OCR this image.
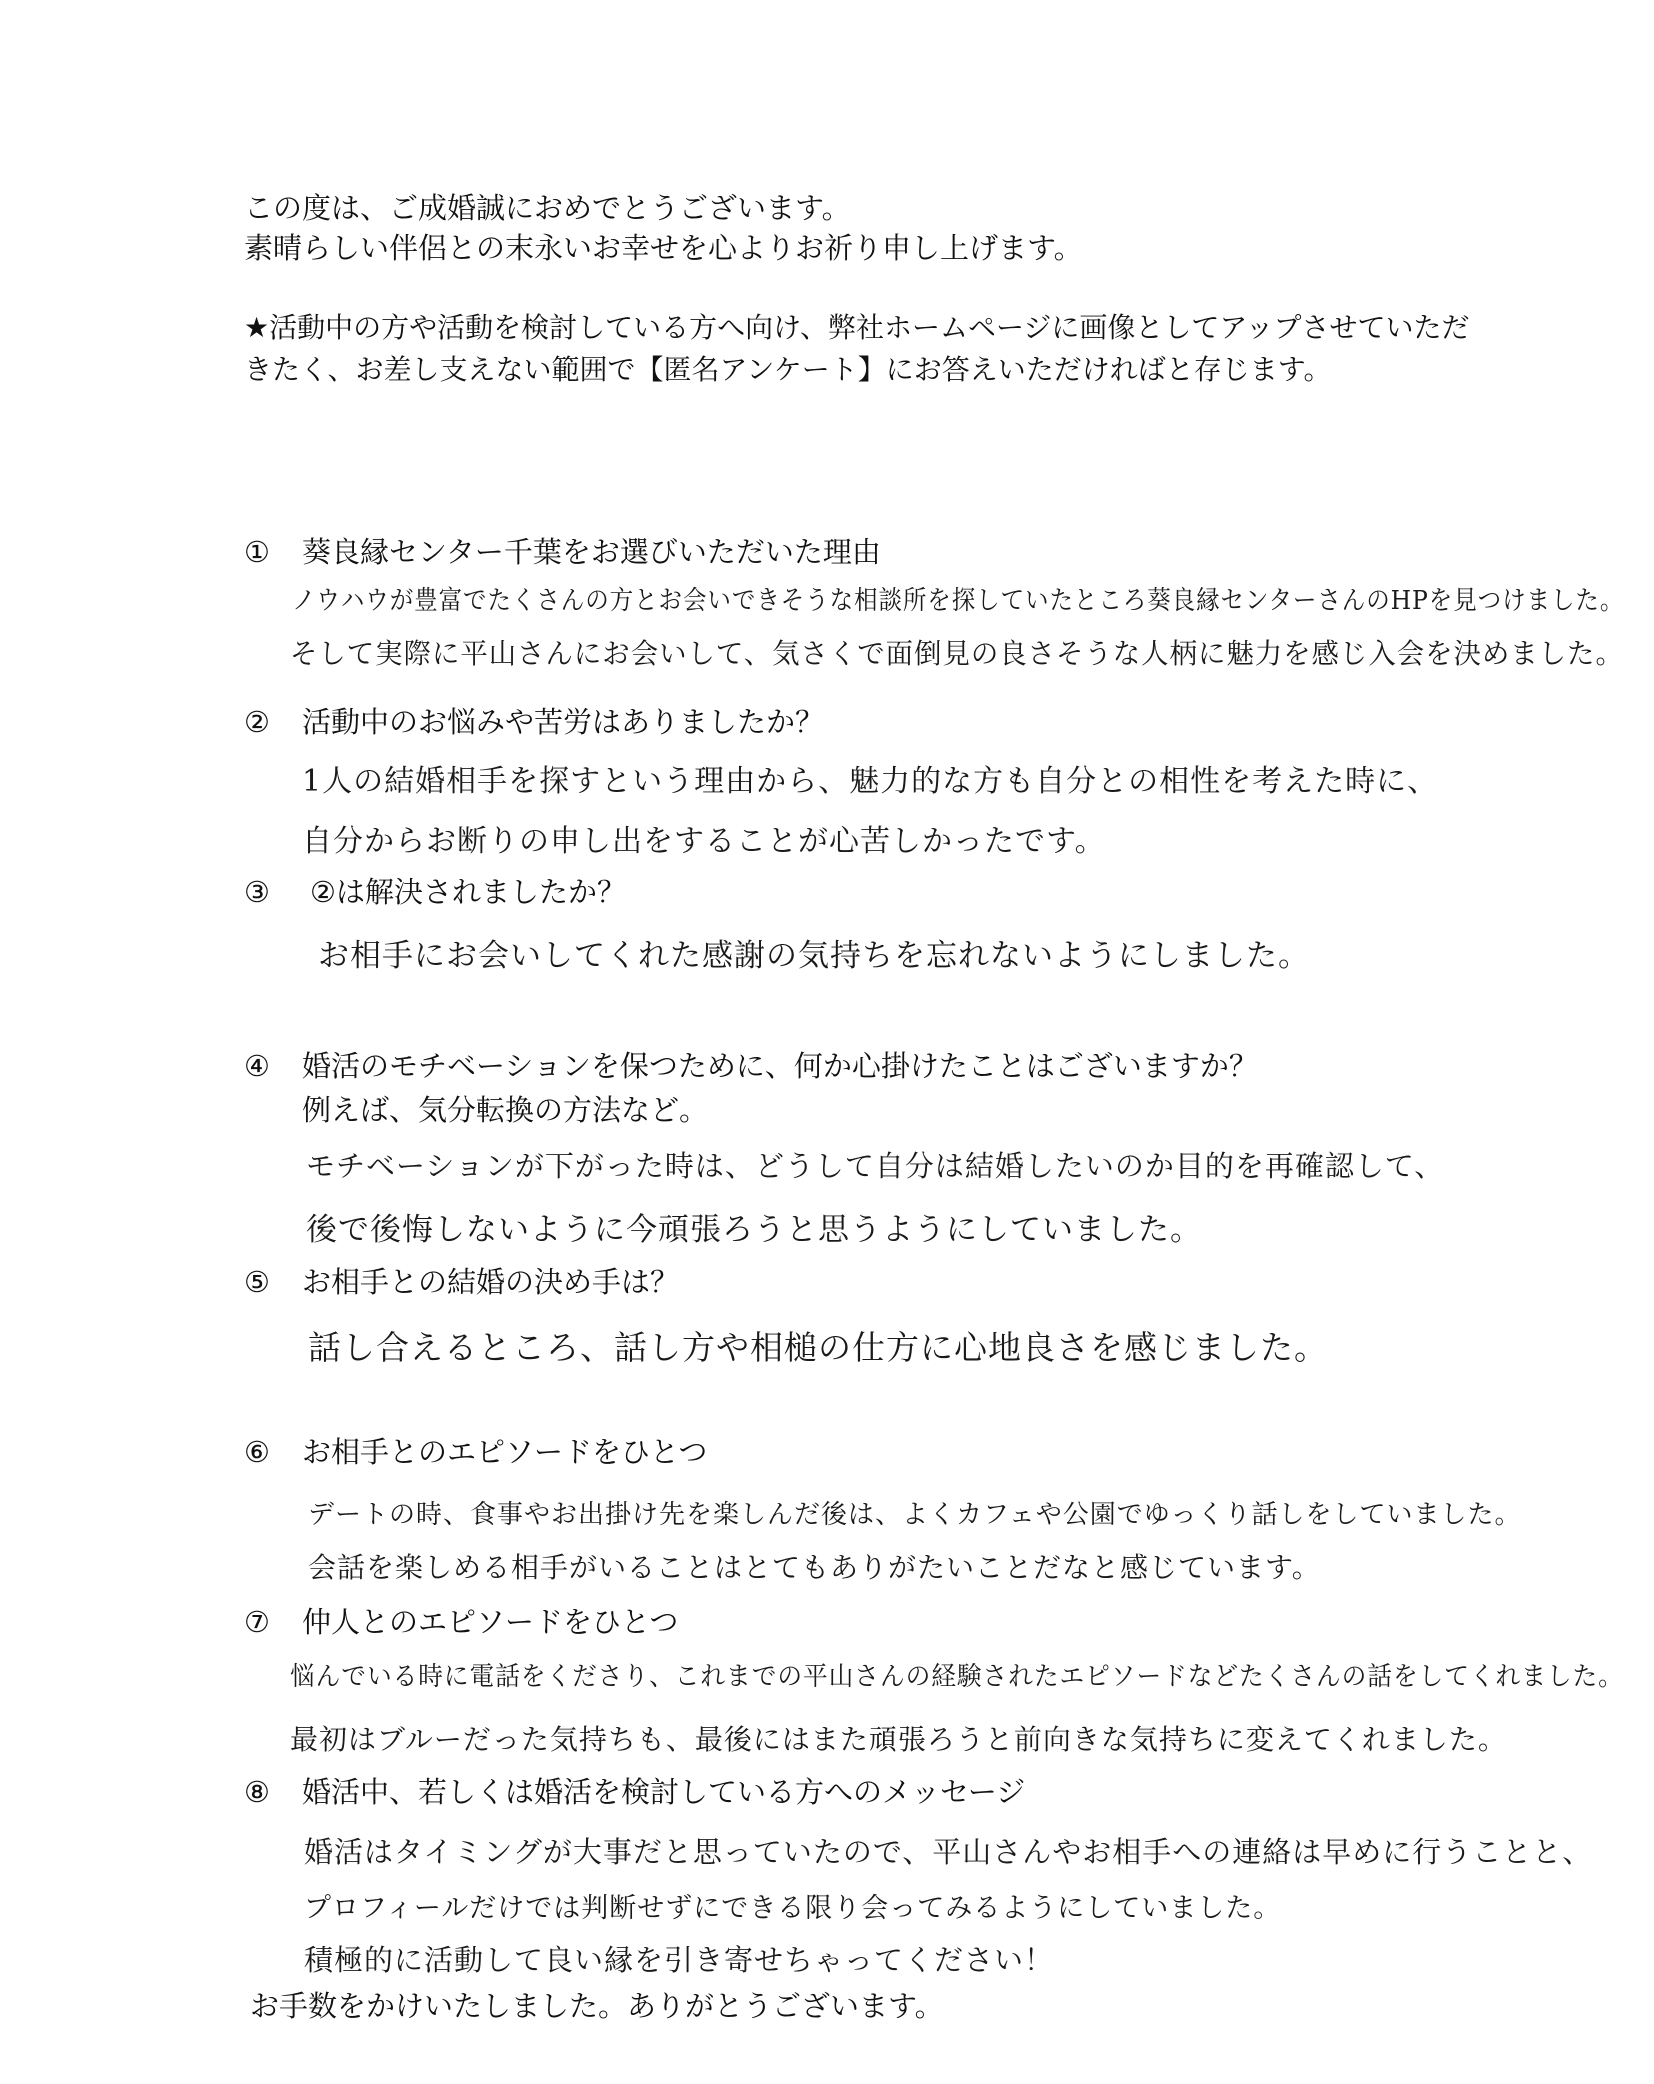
この度は、ご成婚誠におめでとうございます。
素晴らしい伴侶との末永いお幸せを心よりお祈り申し上げます。
★活動中の方や活動を検討している方へ向け、弊社ホームページに画像としてアップさせていただ
きたく、お差し支えない範囲で【匿名アンケート】にお答えいただければと存じます。
① 葵良縁センター千葉をお選びいただいた理由
ノウハウが豊富でたくさんの方とお会いできそうな相談所を探していたところ葵良縁センターさんのHPを見つけました。
そして実際に平山さんにお会いして、気さくで面倒見の良さそうな人柄に魅力を感じ入会を決めました。
② 活動中のお悩みや苦労はありましたか？
1人の結婚相手を探すという理由から、魅力的な方も自分との相性を考えた時に、
自分からお断りの申し出をすることが心苦しかったです。
③ ②は解決されましたか？
お相手にお会いしてくれた感謝の気持ちを忘れないようにしました。
④ 婚活のモチベーションを保つために、何か心掛けたことはございますか？
例えば、気分転換の方法など。
モチベーションが下がった時は、どうして自分は結婚したいのか目的を再確認して、
後で後悔しないように今頑張ろうと思うようにしていました。
⑤ お相手との結婚の決め手は？
話し合えるところ、話し方や相槌の仕方に心地良さを感じました。
⑥ お相手とのエピソードをひとつ
デートの時、食事やお出掛け先を楽しんだ後は、よくカフェや公園でゆっくり話しをしていました。
会話を楽しめる相手がいることはとてもありがたいことだなと感じています。
⑦ 仲人とのエピソードをひとつ
悩んでいる時に電話をくださり、これまでの平山さんの経験されたエピソードなどたくさんの話をしてくれました。
最初はブルーだった気持ちも、最後にはまた頑張ろうと前向きな気持ちに変えてくれました。
⑧ 婚活中、若しくは婚活を検討している方へのメッセージ
婚活はタイミングが大事だと思っていたので、平山さんやお相手への連絡は早めに行うことと、
プロフィールだけでは判断せずにできる限り会ってみるようにしていました。
積極的に活動して良い縁を引き寄せちゃってください！
お手数をかけいたしました。ありがとうございます。
